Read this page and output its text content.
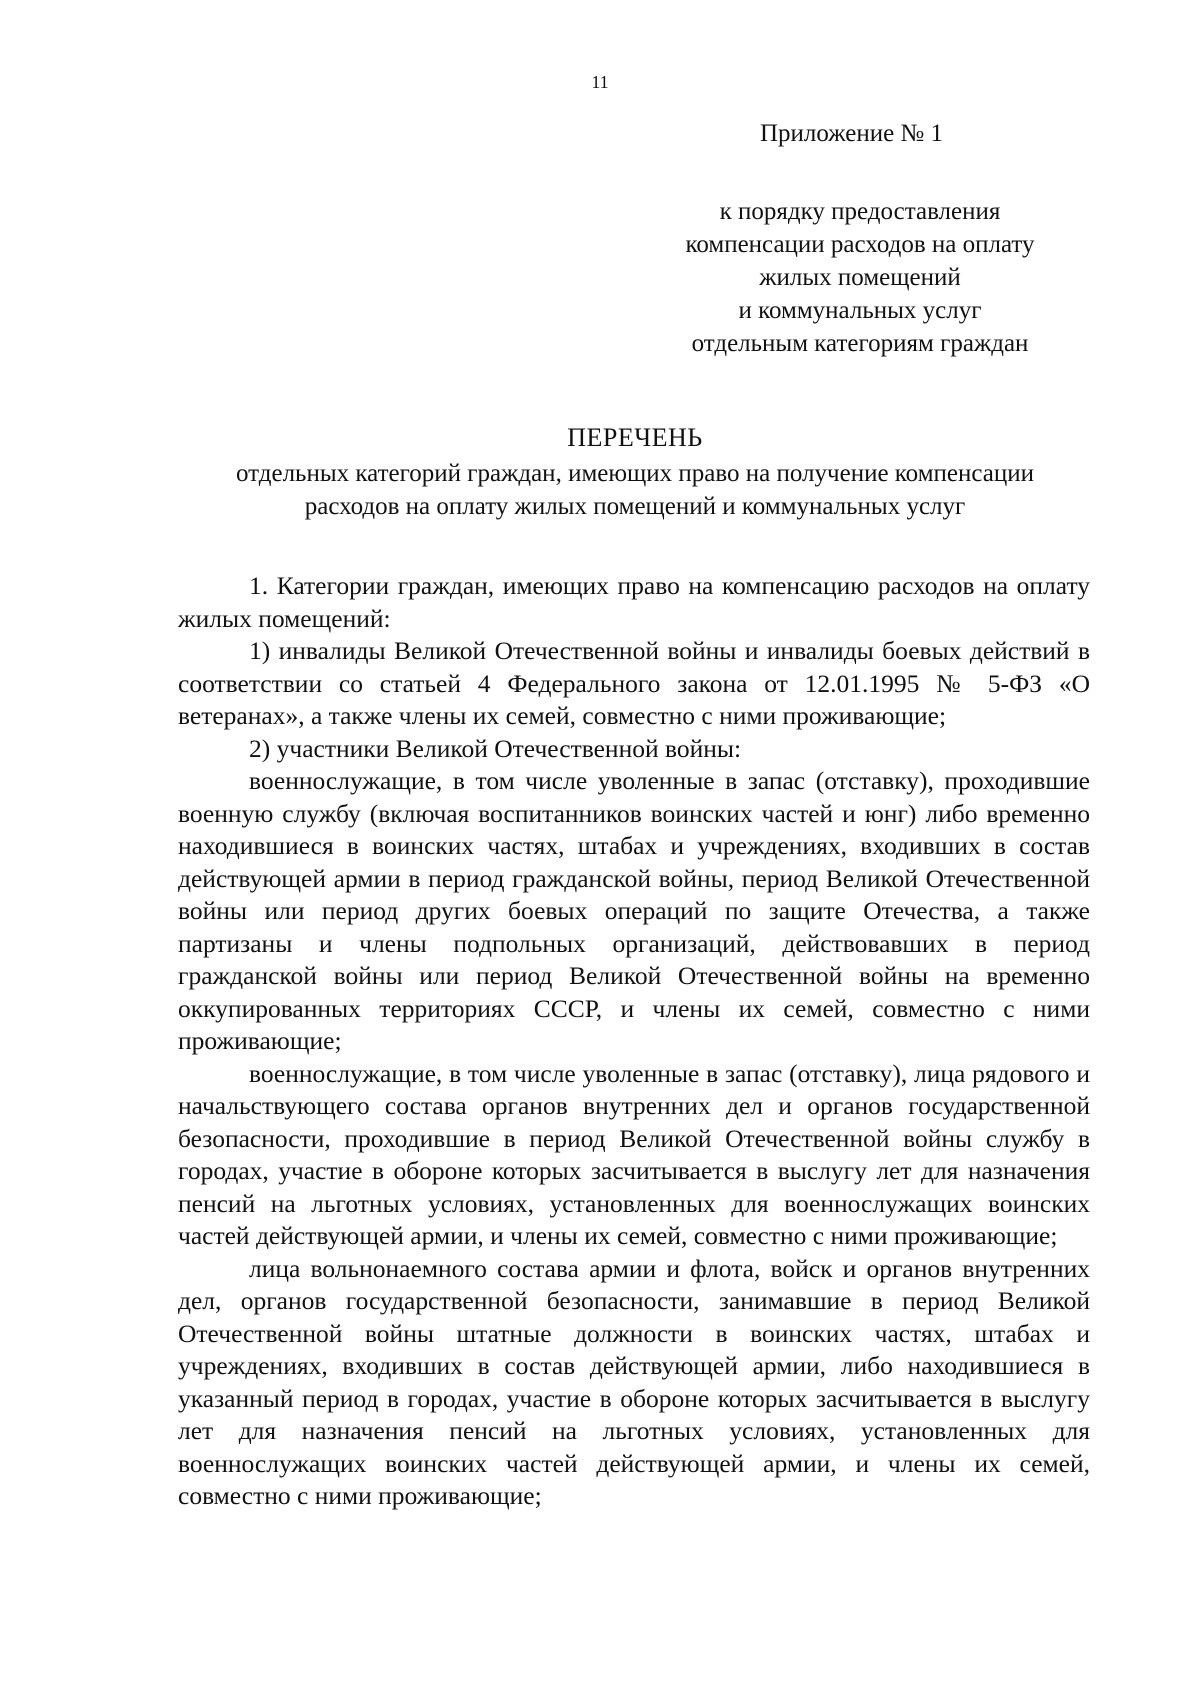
11
Приложение № 1
к порядку предоставления
компенсации расходов на оплату
жилых помещений
и коммунальных услуг
отдельным категориям граждан
ПЕРЕЧЕНЬ
отдельных категорий граждан, имеющих право на получение компенсации
расходов на оплату жилых помещений и коммунальных услуг

1. Категории граждан, имеющих право на компенсацию расходов на оплату жилых помещений:

1) инвалиды Великой Отечественной войны и инвалиды боевых действий в соответствии со статьей 4 Федерального закона от 12.01.1995 № 5-ФЗ «О ветеранах», а также члены их семей, совместно с ними проживающие;

2) участники Великой Отечественной войны:

военнослужащие, в том числе уволенные в запас (отставку), проходившие военную службу (включая воспитанников воинских частей и юнг) либо временно находившиеся в воинских частях, штабах и учреждениях, входивших в состав действующей армии в период гражданской войны, период Великой Отечественной войны или период других боевых операций по защите Отечества, а также партизаны и члены подпольных организаций, действовавших в период гражданской войны или период Великой Отечественной войны на временно оккупированных территориях СССР, и члены их семей, совместно с ними проживающие;

военнослужащие, в том числе уволенные в запас (отставку), лица рядового и начальствующего состава органов внутренних дел и органов государственной безопасности, проходившие в период Великой Отечественной войны службу в городах, участие в обороне которых засчитывается в выслугу лет для назначения пенсий на льготных условиях, установленных для военнослужащих воинских частей действующей армии, и члены их семей, совместно с ними проживающие;

лица вольнонаемного состава армии и флота, войск и органов внутренних дел, органов государственной безопасности, занимавшие в период Великой Отечественной войны штатные должности в воинских частях, штабах и учреждениях, входивших в состав действующей армии, либо находившиеся в указанный период в городах, участие в обороне которых засчитывается в выслугу лет для назначения пенсий на льготных условиях, установленных для военнослужащих воинских частей действующей армии, и члены их семей, совместно с ними проживающие;
